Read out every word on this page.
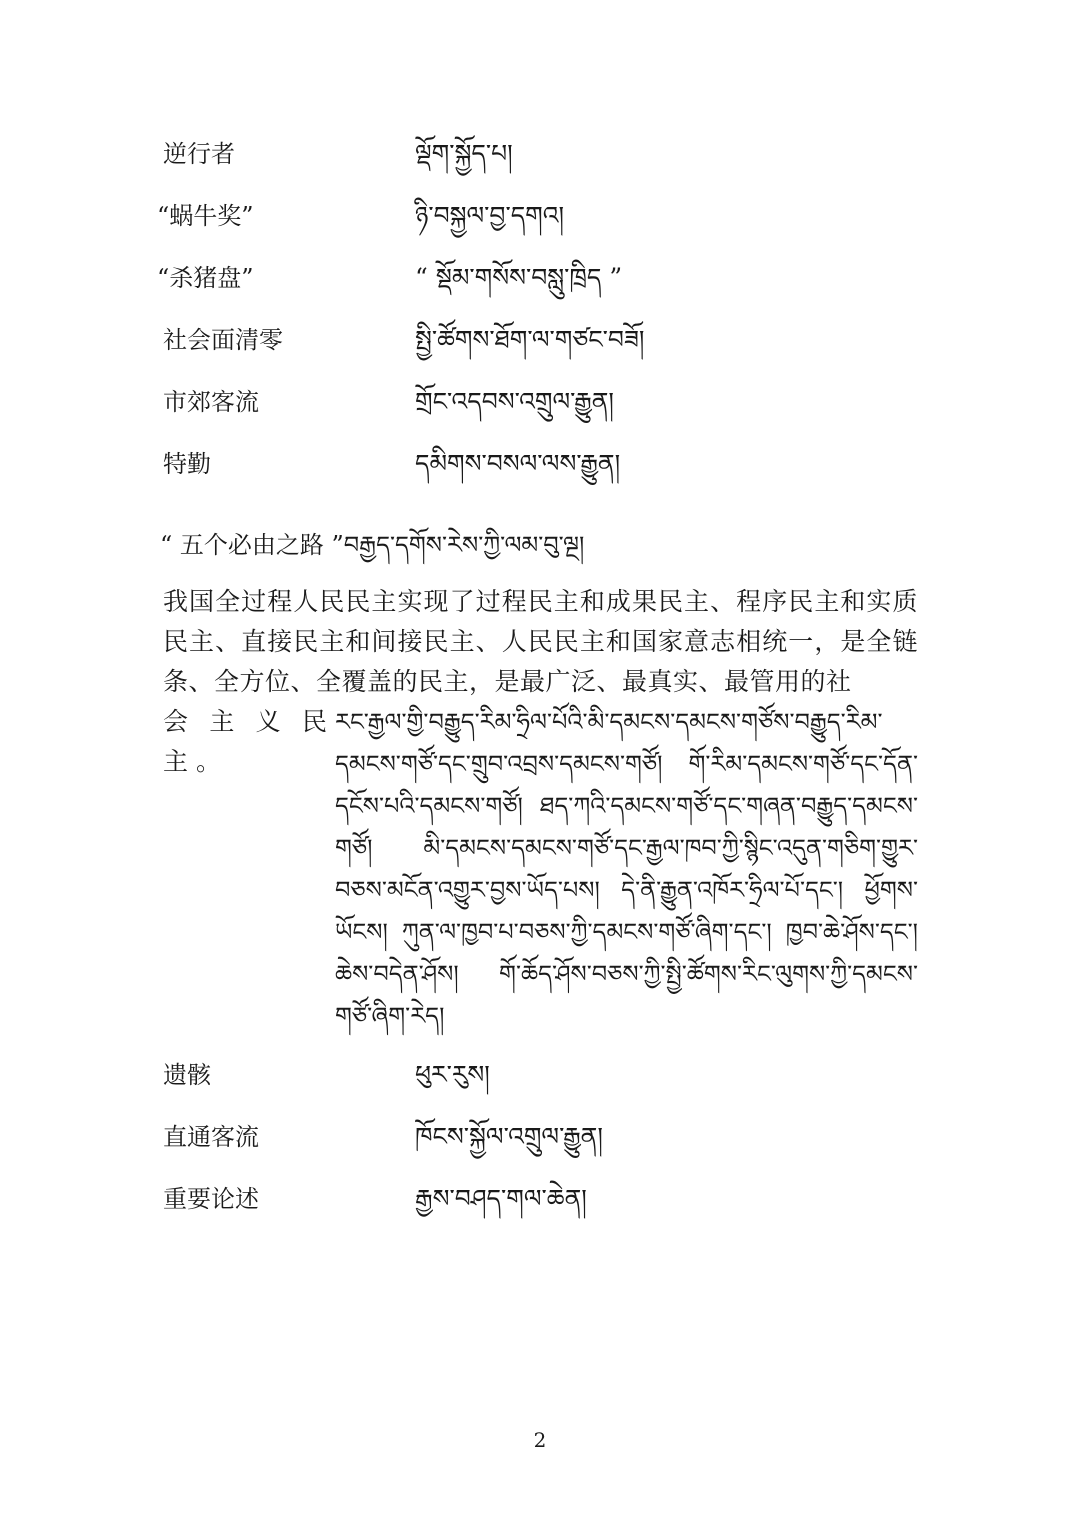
逆行者	ལྡོག་སྐྱོད་པ།
“蜗牛奖”	ཉི་བསྐྱལ་བྱ་དགའ།
“杀猪盘”	“ སྡོམ་གསོས་བསླུ་ཁྲིད ”
社会面清零	སྤྱི་ཚོགས་ཐོག་ལ་གཙང་བཟོ།
市郊客流	གྲོང་འདབས་འགྲུལ་རྒྱུན།
特勤	དམིགས་བསལ་ལས་རྒྱུན།
“ 五个必由之路 ”བརྒྱད་དགོས་རེས་ཀྱི་ལམ་བུ་ལྔ།
我国全过程人民民主实现了过程民主和成果民主、程序民主和实质民主、直接民主和间接民主、人民民主和国家意志相统一，是全链条、全方位、全覆盖的民主，是最广泛、最真实、最管用的社
会主义民主。
རང་རྒྱལ་གྱི་བརྒྱུད་རིམ་ཧྲིལ་པོའི་མི་དམངས་དམངས་གཙོས་བརྒྱུད་རིམ་དམངས་གཙོ་དང་གྲུབ་འབྲས་དམངས་གཙོ། གོ་རིམ་དམངས་གཙོ་དང་དོན་དངོས་པའི་དམངས་གཙོ། ཐད་ཀའི་དམངས་གཙོ་དང་གཞན་བརྒྱུད་དམངས་གཙོ། མི་དམངས་དམངས་གཙོ་དང་རྒྱལ་ཁབ་ཀྱི་སྙིང་འདུན་གཅིག་གྱུར་བཅས་མངོན་འགྱུར་བྱས་ཡོད་པས། དེ་ནི་རྒྱུན་འཁོར་ཧྲིལ་པོ་དང་། ཕྱོགས་ཡོངས། ཀུན་ལ་ཁྱབ་པ་བཅས་ཀྱི་དམངས་གཙོ་ཞིག་དང་། ཁྱབ་ཆེ་ཤོས་དང་། ཆེས་བདེན་ཤོས། གོ་ཆོད་ཤོས་བཅས་ཀྱི་སྤྱི་ཚོགས་རིང་ལུགས་ཀྱི་དམངས་གཙོ་ཞིག་རེད།
遗骸	ཕུར་རུས།
直通客流	ཁོངས་སྐྱོལ་འགྲུལ་རྒྱུན།
重要论述	རྒྱས་བཤད་གལ་ཆེན།
2
